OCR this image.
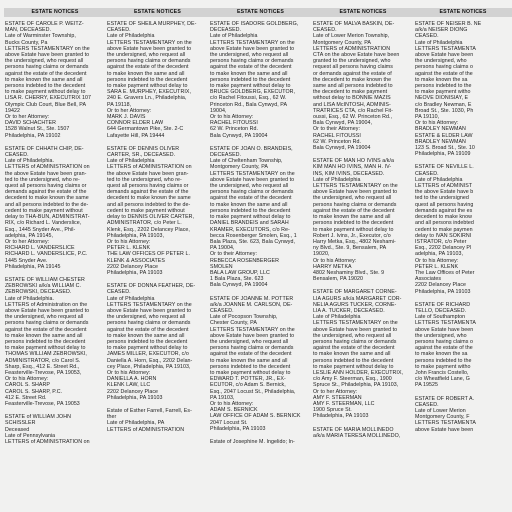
ESTATE NOTICES
ESTATE OF CAROLE P. WEITZ-
MAN, DECEASED.
Late of Warminster Township,
Bucks County, Pa
LETTERS TESTAMENTARY on the
above Estate have been granted to
the undersigned, who request all
persons having claims or demands
against the estate of the decedent
to make known the same and all
persons indebted to the decedent
to make payment without delay to
LISA R. CHERRY, EXECUTRIX 107
Olympic Club Court, Blue Bell, PA
19422
Or to her Attorney:
DAVID SCHACHTER
1528 Walnut St., Ste. 1507
Philadelphia, PA 19102
ESTATE OF CHHATH CHIP, DE-
CEASED.
Late of Philadelphia.
LETTERS of ADMINISTRATION on
the above Estate have been gran-
ted to the undersigned, who re-
quest all persons having claims or
demands against the estate of the
decedent to make known the same
and all persons indebted to the de-
cedent to make payment without
delay to THA-BUN, ADMINISTRAT-
RIX, c/o Richard L. Vanderslice,
Esq., 1445 Snyder Ave., Phil-
adelphia, PA 19145,
Or to her Attorney:
RICHARD L. VANDERSLICE
RICHARD L. VANDERSLICE, P.C.
1445 Snyder Ave.
Philadelphia, PA 19145
ESTATE OF WILLIAM CHESTER
ZEBROWSKI a/k/a WILLIAM C.
ZEBROWSKI, DECEASED.
Late of Philadelphia.
LETTERS of Administration on the
above Estate have been granted to
the undersigned, who request all
persons having claims or demands
against the estate of the decedent
to make known the same and all
persons indebted to the decedent
to make payment without delay to
THOMAS WILLIAM ZEBROWSKI,
ADMINISTRATOR, c/o Carol S.
Sharp, Esq., 412 E. Street Rd.,
Feasterville-Trevose, PA 19053,
Or to his Attorney:
CAROL S. SHARP
CAROL S. SHARP, P.C.
412 E. Street Rd.
Feasterville-Trevose, PA 19053
ESTATE of WILLIAM JOHN
SCHISSLER
Deceased
Late of Pennsylvania
LETTERS of ADMINISTRATION on
ESTATE NOTICES
ESTATE OF SHEILA MURPHEY, DE-
CEASED.
Late of Philadelphia
LETTERS TESTAMENTARY on the
above Estate have been granted to
the undersigned, who request all
persons having claims or demands
against the estate of the decedent
to make known the same and all
persons indebted to the decedent
to make payment without delay to
SARA E. MURPHEY, EXECUTRIX,
240 E. Gravers Ln., Philadelphia,
PA 19118,
Or to her Attorney:
MARK J. DAVIS
CONNOR ELDER LAW
644 Germantown Pike, Ste. 2-C
Lafayette Hill, PA 19444
ESTATE OF DENNIS OLIVER
CARTER, SR., DECEASED.
Late of Philadelphia
LETTERS of ADMINISTRATION on
the above Estate have been gran-
ted to the undersigned, who re-
quest all persons having claims or
demands against the estate of the
decedent to make known the same
and all persons indebted to the de-
cedent to make payment without
delay to DENNIS OLIVER CARTER,
ADMINISTRATOR, c/o Peter L.
Klenk, Esq., 2202 Delancey Place,
Philadelphia, PA 19103,
Or to his Attorney:
PETER L. KLENK
THE LAW OFFICES OF PETER L.
KLENK & ASSOCIATES
2202 Delancey Place
Philadelphia, PA 19103
ESTATE OF DONNA FEATHER, DE-
CEASED.
Late of Philadelphia
LETTERS TESTAMENTARY on the
above Estate have been granted to
the undersigned, who request all
persons having claims or demands
against the estate of the decedent
to make known the same and all
persons indebted to the decedent
to make payment without delay to
JAMES MILLER, EXECUTOR, c/o
Daniella A. Horn, Esq., 2202 Delan-
cey Place, Philadelphia, PA 19103,
Or to his Attorney:
DANIELLA A. HORN
KLENK LAW, LLC
2202 Delancey Place
Philadelphia, PA 19103
Estate of Esther Farrell, Farrell, Es-
ther
Late of Philadelphia, PA
LETTERS of ADMINISTRATION
ESTATE NOTICES
ESTATE OF ISADORE GOLDBERG,
DECEASED.
Late of Philadelphia
LETTERS TESTAMENTARY on the
above Estate have been granted to
the undersigned, who request all
persons having claims or demands
against the estate of the decedent
to make known the same and all
persons indebted to the decedent
to make payment without delay to
BRUCE GOLDBERG, EXECUTOR,
c/o Rachel Fitoussi, Esq., 62 W.
Princeton Rd., Bala Cynwyd, PA
19004,
Or to his Attorney:
RACHEL FITOUSSI
62 W. Princeton Rd.
Bala Cynwyd, PA 19004
ESTATE OF JOAN O. BRANDEIS,
DECEASED.
Late of Cheltenham Township,
Montgomery County, PA
LETTERS TESTAMENTARY on the
above Estate have been granted to
the undersigned, who request all
persons having claims or demands
against the estate of the decedent
to make known the same and all
persons indebted to the decedent
to make payment without delay to
DANIEL BRANDEIS and SARAH
KRAMER, EXECUTORS, c/o Re-
becca Rosenberger Smolen, Esq., 1
Bala Plaza, Ste. 623, Bala Cynwyd,
PA 19004,
Or to their Attorney:
REBECCA ROSENBERGER
SMOLEN
BALA LAW GROUP, LLC
1 Bala Plaza, Ste. 623
Bala Cynwyd, PA 19004
ESTATE OF JOANNE M. POTTER
a/k/a JOANNE M. CARLSON, DE-
CEASED.
Late of Pocopson Township,
Chester County, PA
LETTERS TESTAMENTARY on the
above Estate have been granted to
the undersigned, who request all
persons having claims or demands
against the estate of the decedent
to make known the same and all
persons indebted to the decedent
to make payment without delay to
EDWARD T. POTTER, JR., EX-
ECUTOR, c/o Adam S. Bernick,
Esq., 2047 Locust St., Philadelphia,
PA 19103,
Or to his Attorney:
ADAM S. BERNICK
LAW OFFICE OF ADAM S. BERNICK
2047 Locust St.
Philadelphia, PA 19103
Estate of Josephine M. Ingelido; In-
ESTATE NOTICES
ESTATE OF MALVA BASKIN, DE-
CEASED.
Late of Lower Merion Township,
Montgomery County, PA
LETTERS of ADMINISTRATION
CTA on the above Estate have been
granted to the undersigned, who
request all persons having claims
or demands against the estate of
the decedent to make known the
same and all persons indebted to
the decedent to make payment
without delay to BONNIE MAZIS
and LISA McINTOSH, ADMINIS-
TRATRICES CTA, c/o Rachel Fit-
oussi, Esq., 62 W. Princeton Rd.,
Bala Cynwyd, PA 19004,
Or to their Attorney:
RACHEL FITOUSSI
62 W. Princeton Rd.
Bala Cynwyd, PA 19004
ESTATE OF MAN HO IVINS a/k/a
KIM MAN HO IVINS, MAN H. IV-
INS, KIM IVINS, DECEASED.
Late of Philadelphia
LETTERS TESTAMENTARY on the
above Estate have been granted to
the undersigned, who request all
persons having claims or demands
against the estate of the decedent
to make known the same and all
persons indebted to the decedent
to make payment without delay to
Robert J. Ivins, Jr., Executor, c/o
Harry Metka, Esq., 4802 Neshami-
ny Blvd., Ste. 9, Bensalem, PA
19020,
Or to his Attorney:
HARRY METKA
4802 Neshaminy Blvd., Ste. 9
Bensalem, PA 19020
ESTATE OF MARGARET CORNE-
LIA AGURS a/k/a MARGARET COR-
NELIA AGURS TUCKER, CORNE-
LIA A. TUCKER, DECEASED.
Late of Philadelphia
LETTERS TESTAMENTARY on the
above Estate have been granted to
the undersigned, who request all
persons having claims or demands
against the estate of the decedent
to make known the same and all
persons indebted to the decedent
to make payment without delay to
LESLIE ANN HOLDER, EXECUTRIX,
c/o Amy F. Steerman, Esq., 1900
Spruce St., Philadelphia, PA 19103,
Or to her Attorney:
AMY F. STEERMAN
AMY F. STEERMAN, LLC
1900 Spruce St.
Philadelphia, PA 19103
ESTATE OF MARIA MOLLINEDO
a/k/a MARIA TERESA MOLLINEDO,
ESTATE NOTICES
ESTATE OF NEISER B. NE
a/k/a NEISER DIONG
CEASED.
Late of Philadelphia
LETTERS TESTAMENTA
above Estate have been
the undersigned, who
persons having claims o
against the estate of the
to make known the sa
persons indebted to the
to make payment witho
NEOVE DIONISIAY, E
c/o Bradley Newman, E
Broad St., Ste. 1030, Ph
PA 19110,
Or to his Attorney:
BRADLEY NEWMAN
ESTATE & ELDER LAW
BRADLEY NEWMAN
123 S. Broad St., Ste. 10
Philadelphia, PA 19109
ESTATE OF NEVILLE L.
CEASED.
Late of Philadelphia
LETTERS of ADMINIST
the above Estate have b
ted to the undersigned
quest all persons having
demands against the es
decedent to make know
and all persons indebted
cedent to make paymen
delay to IVAN SOKIRNI
ISTRATOR, c/o Peter
Esq., 2202 Delancey Pl
adelphia, PA 19103,
Or to his Attorney:
PETER L. KLENK
The Law Offices of Peter
Associates
2202 Delancey Place
Philadelphia, PA 19103
ESTATE OF RICHARD
TELLO, DECEASED.
Late of Southampton
LETTERS TESTAMENTA
above Estate have been
the undersigned, who
persons having claims o
against the estate of the
to make known the sa
persons indebted to the
to make payment witho
John Francis Costello,
c/o Wheatfield Lane, G
PA 19525
ESTATE OF ROBERT A.
CEASED.
Late of Lower Merion
Montgomery County, F
LETTERS TESTAMENTA
above Estate have been
